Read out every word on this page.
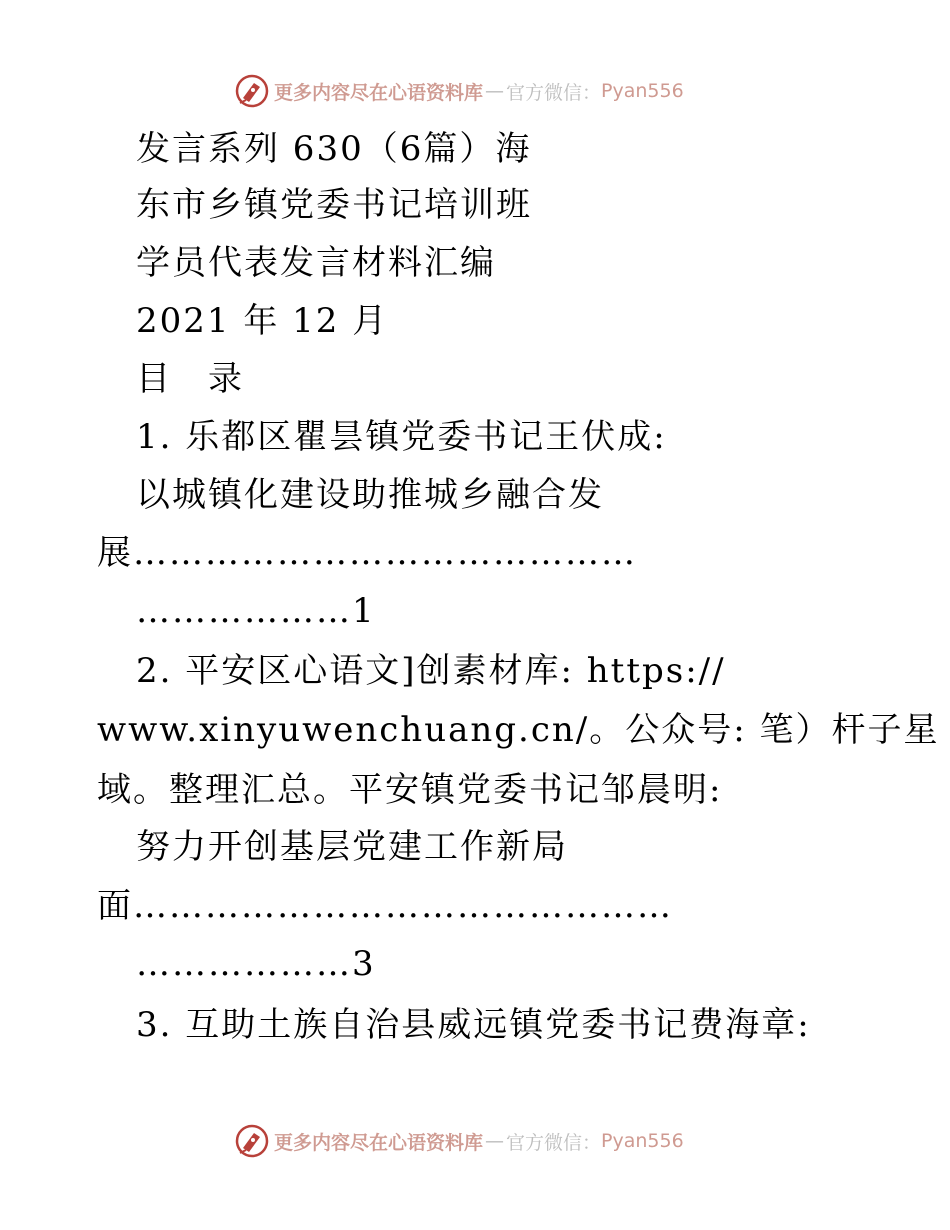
更多内容尽在心语资料库 — 官方微信： Pyan556
发言系列 630（6篇）海
东市乡镇党委书记培训班
学员代表发言材料汇编
2021 年 12 月
目　录
1. 乐都区瞿昙镇党委书记王伏成:
以城镇化建设助推城乡融合发
展……………………………………
………………1
2. 平安区心语文]创素材库: https://
www.xinyuwenchuang.cn/。公众号: 笔）杆子星
域。整理汇总。平安镇党委书记邹晨明:
努力开创基层党建工作新局
面………………………………………
………………3
3. 互助土族自治县威远镇党委书记费海章:
更多内容尽在心语资料库 — 官方微信： Pyan556
